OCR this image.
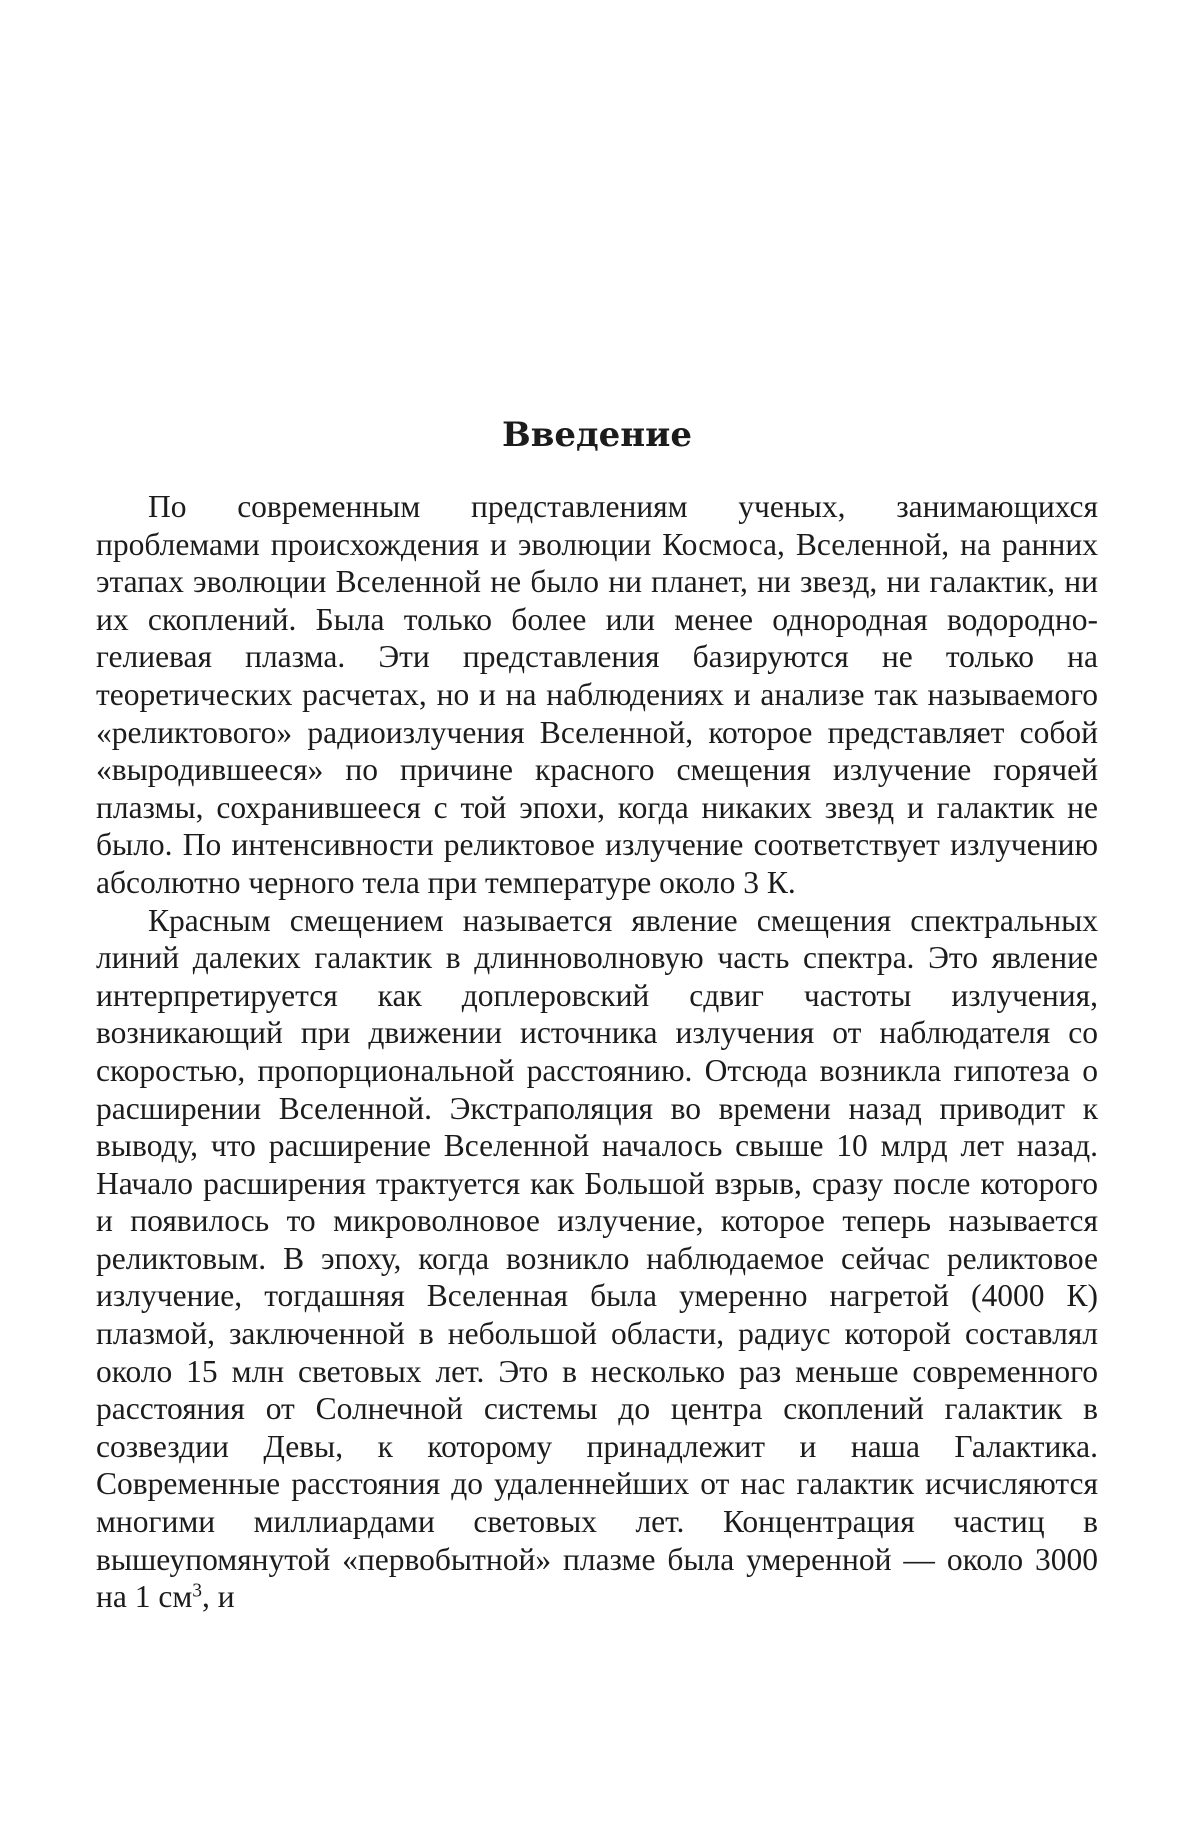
Введение

По современным представлениям ученых, занимающихся проблемами происхождения и эволюции Космоса, Вселенной, на ранних этапах эволюции Вселенной не было ни планет, ни звезд, ни галактик, ни их скоплений. Была только более или менее однородная водородно-гелиевая плазма. Эти представления базируются не только на теоретических расчетах, но и на наблюдениях и анализе так называемого «реликтового» радиоизлучения Вселенной, которое представляет собой «выродившееся» по причине красного смещения излучение горячей плазмы, сохранившееся с той эпохи, когда никаких звезд и галактик не было. По интенсивности реликтовое излучение соответствует излучению абсолютно черного тела при температуре около 3 К.

Красным смещением называется явление смещения спектральных линий далеких галактик в длинноволновую часть спектра. Это явление интерпретируется как доплеровский сдвиг частоты излучения, возникающий при движении источника излучения от наблюдателя со скоростью, пропорциональной расстоянию. Отсюда возникла гипотеза о расширении Вселенной. Экстраполяция во времени назад приводит к выводу, что расширение Вселенной началось свыше 10 млрд лет назад. Начало расширения трактуется как Большой взрыв, сразу после которого и появилось то микроволновое излучение, которое теперь называется реликтовым. В эпоху, когда возникло наблюдаемое сейчас реликтовое излучение, тогдашняя Вселенная была умеренно нагретой (4000 К) плазмой, заключенной в небольшой области, радиус которой составлял около 15 млн световых лет. Это в несколько раз меньше современного расстояния от Солнечной системы до центра скоплений галактик в созвездии Девы, к которому принадлежит и наша Галактика. Современные расстояния до удаленнейших от нас галактик исчисляются многими миллиардами световых лет. Концентрация частиц в вышеупомянутой «первобытной» плазме была умеренной — около 3000 на 1 $см^3$, и
